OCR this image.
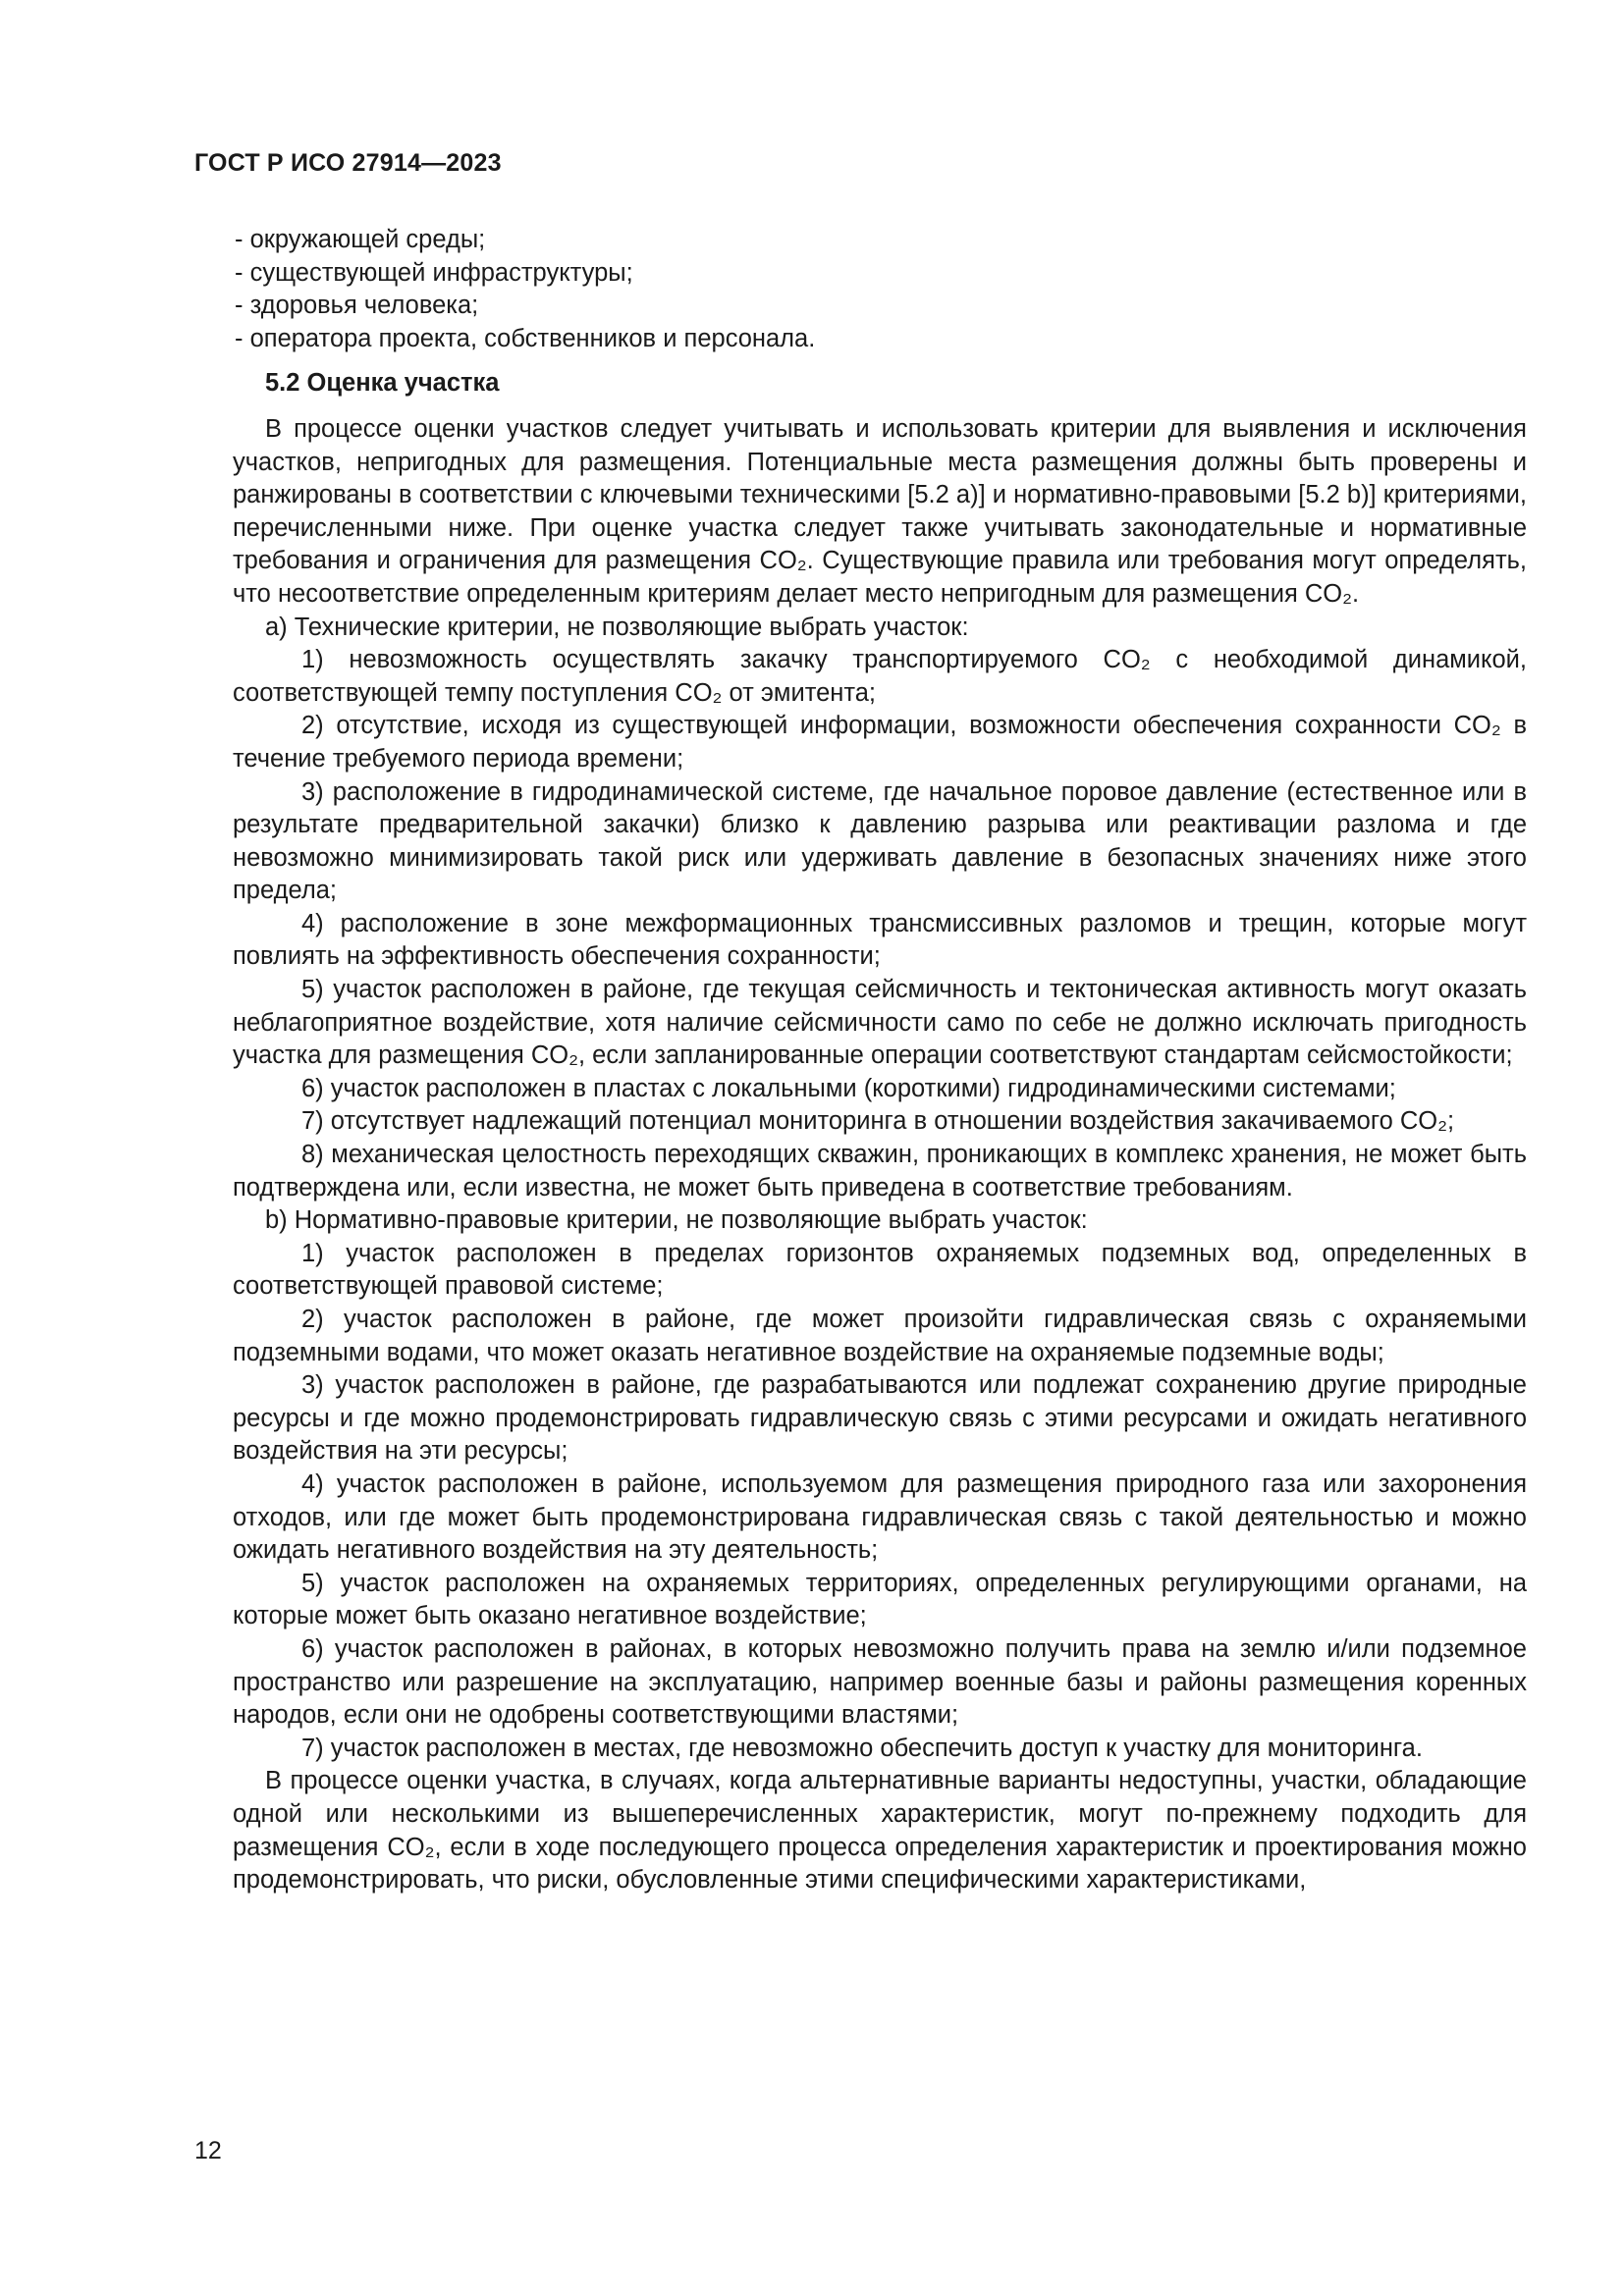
ГОСТ Р ИСО 27914—2023

- окружающей среды;

- существующей инфраструктуры;

- здоровья человека;

- оператора проекта, собственников и персонала.

5.2 Оценка участка

В процессе оценки участков следует учитывать и использовать критерии для выявления и исключения участков, непригодных для размещения. Потенциальные места размещения должны быть проверены и ранжированы в соответствии с ключевыми техническими [5.2 a)] и нормативно-правовыми [5.2 b)] критериями, перечисленными ниже. При оценке участка следует также учитывать законодательные и нормативные требования и ограничения для размещения CO₂. Существующие правила или требования могут определять, что несоответствие определенным критериям делает место непригодным для размещения CO₂.

a) Технические критерии, не позволяющие выбрать участок:

1) невозможность осуществлять закачку транспортируемого CO₂ с необходимой динамикой, соответствующей темпу поступления CO₂ от эмитента;

2) отсутствие, исходя из существующей информации, возможности обеспечения сохранности CO₂ в течение требуемого периода времени;

3) расположение в гидродинамической системе, где начальное поровое давление (естественное или в результате предварительной закачки) близко к давлению разрыва или реактивации разлома и где невозможно минимизировать такой риск или удерживать давление в безопасных значениях ниже этого предела;

4) расположение в зоне межформационных трансмиссивных разломов и трещин, которые могут повлиять на эффективность обеспечения сохранности;

5) участок расположен в районе, где текущая сейсмичность и тектоническая активность могут оказать неблагоприятное воздействие, хотя наличие сейсмичности само по себе не должно исключать пригодность участка для размещения CO₂, если запланированные операции соответствуют стандартам сейсмостойкости;

6) участок расположен в пластах с локальными (короткими) гидродинамическими системами;

7) отсутствует надлежащий потенциал мониторинга в отношении воздействия закачиваемого CO₂;

8) механическая целостность переходящих скважин, проникающих в комплекс хранения, не может быть подтверждена или, если известна, не может быть приведена в соответствие требованиям.

b) Нормативно-правовые критерии, не позволяющие выбрать участок:

1) участок расположен в пределах горизонтов охраняемых подземных вод, определенных в соответствующей правовой системе;

2) участок расположен в районе, где может произойти гидравлическая связь с охраняемыми подземными водами, что может оказать негативное воздействие на охраняемые подземные воды;

3) участок расположен в районе, где разрабатываются или подлежат сохранению другие природные ресурсы и где можно продемонстрировать гидравлическую связь с этими ресурсами и ожидать негативного воздействия на эти ресурсы;

4) участок расположен в районе, используемом для размещения природного газа или захоронения отходов, или где может быть продемонстрирована гидравлическая связь с такой деятельностью и можно ожидать негативного воздействия на эту деятельность;

5) участок расположен на охраняемых территориях, определенных регулирующими органами, на которые может быть оказано негативное воздействие;

6) участок расположен в районах, в которых невозможно получить права на землю и/или подземное пространство или разрешение на эксплуатацию, например военные базы и районы размещения коренных народов, если они не одобрены соответствующими властями;

7) участок расположен в местах, где невозможно обеспечить доступ к участку для мониторинга.

В процессе оценки участка, в случаях, когда альтернативные варианты недоступны, участки, обладающие одной или несколькими из вышеперечисленных характеристик, могут по-прежнему подходить для размещения CO₂, если в ходе последующего процесса определения характеристик и проектирования можно продемонстрировать, что риски, обусловленные этими специфическими характеристиками,

12
